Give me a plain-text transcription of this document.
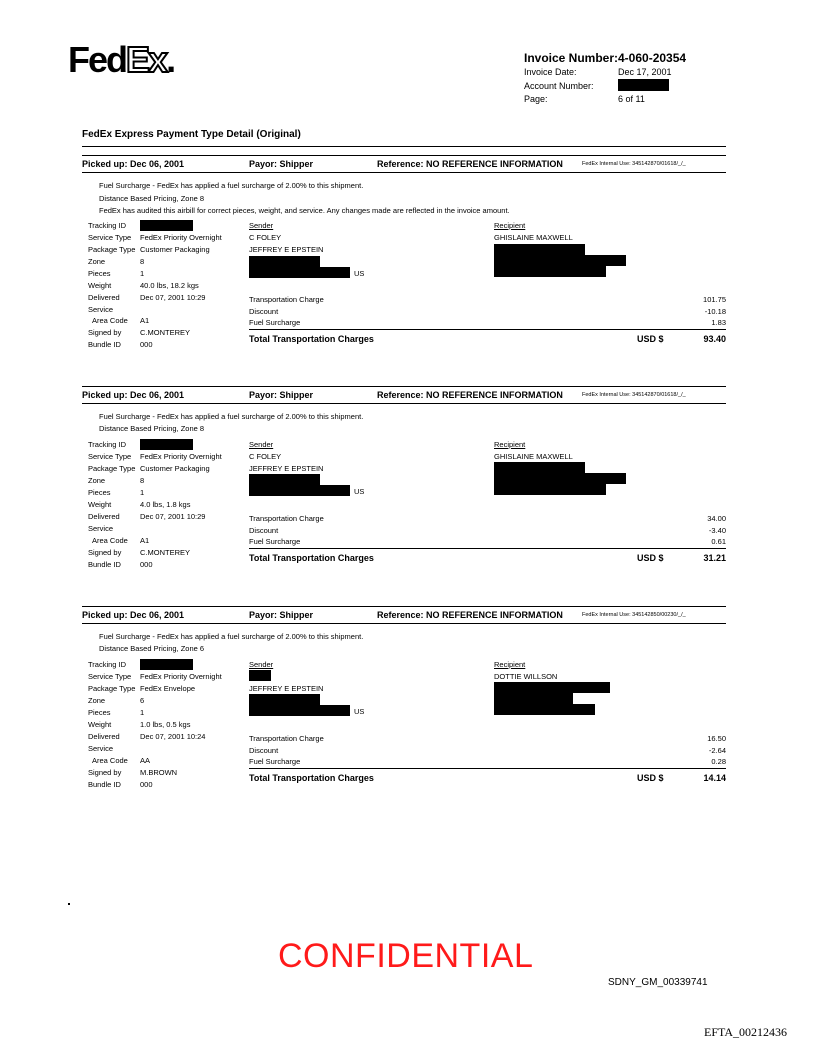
FedEx.	Invoice Number: 4-060-20354
Invoice Date:	Dec 17, 2001
Account Number:
Page:	6 of 11
FedEx Express Payment Type Detail (Original)
Picked up: Dec 06, 2001	Payor: Shipper	Reference: NO REFERENCE INFORMATION	FedEx Internal Use: 345142870/01618/_/_
Fuel Surcharge - FedEx has applied a fuel surcharge of 2.00% to this shipment.
Distance Based Pricing, Zone 8
FedEx has audited this airbill for correct pieces, weight, and service. Any changes made are reflected in the invoice amount.
Tracking ID
Service Type FedEx Priority Overnight
Package Type Customer Packaging
Zone	8
Pieces	1
Weight	40.0 lbs, 18.2 kgs
Delivered	Dec 07, 2001 10:29
Service
Area Code A1
Signed by C.MONTEREY
Bundle ID	000
Sender
C FOLEY
JEFFREY E EPSTEIN
US
Recipient
GHISLAINE MAXWELL
Transportation Charge	101.75
Discount	-10.18
Fuel Surcharge	1.83
Total Transportation Charges	USD $	93.40
Picked up: Dec 06, 2001	Payor: Shipper	Reference: NO REFERENCE INFORMATION	FedEx Internal Use: 345142870/01618/_/_
Fuel Surcharge - FedEx has applied a fuel surcharge of 2.00% to this shipment.
Distance Based Pricing, Zone 8
Tracking ID
Service Type FedEx Priority Overnight
Package Type Customer Packaging
Zone	8
Pieces	1
Weight	4.0 lbs, 1.8 kgs
Delivered	Dec 07, 2001 10:29
Service
Area Code A1
Signed by C.MONTEREY
Bundle ID	000
Sender
C FOLEY
JEFFREY E EPSTEIN
US
Recipient
GHISLAINE MAXWELL
Transportation Charge	34.00
Discount	-3.40
Fuel Surcharge	0.61
Total Transportation Charges	USD $	31.21
Picked up: Dec 06, 2001	Payor: Shipper	Reference: NO REFERENCE INFORMATION	FedEx Internal Use: 345142850/00230/_/_
Fuel Surcharge - FedEx has applied a fuel surcharge of 2.00% to this shipment.
Distance Based Pricing, Zone 6
Tracking ID
Service Type FedEx Priority Overnight
Package Type FedEx Envelope
Zone	6
Pieces	1
Weight	1.0 lbs, 0.5 kgs
Delivered	Dec 07, 2001 10:24
Service
Area Code AA
Signed by M.BROWN
Bundle ID	000
Sender
JEFFREY E EPSTEIN
US
Recipient
DOTTIE WILLSON
Transportation Charge	16.50
Discount	-2.64
Fuel Surcharge	0.28
Total Transportation Charges	USD $	14.14
CONFIDENTIAL
SDNY_GM_00339741
EFTA_00212436
